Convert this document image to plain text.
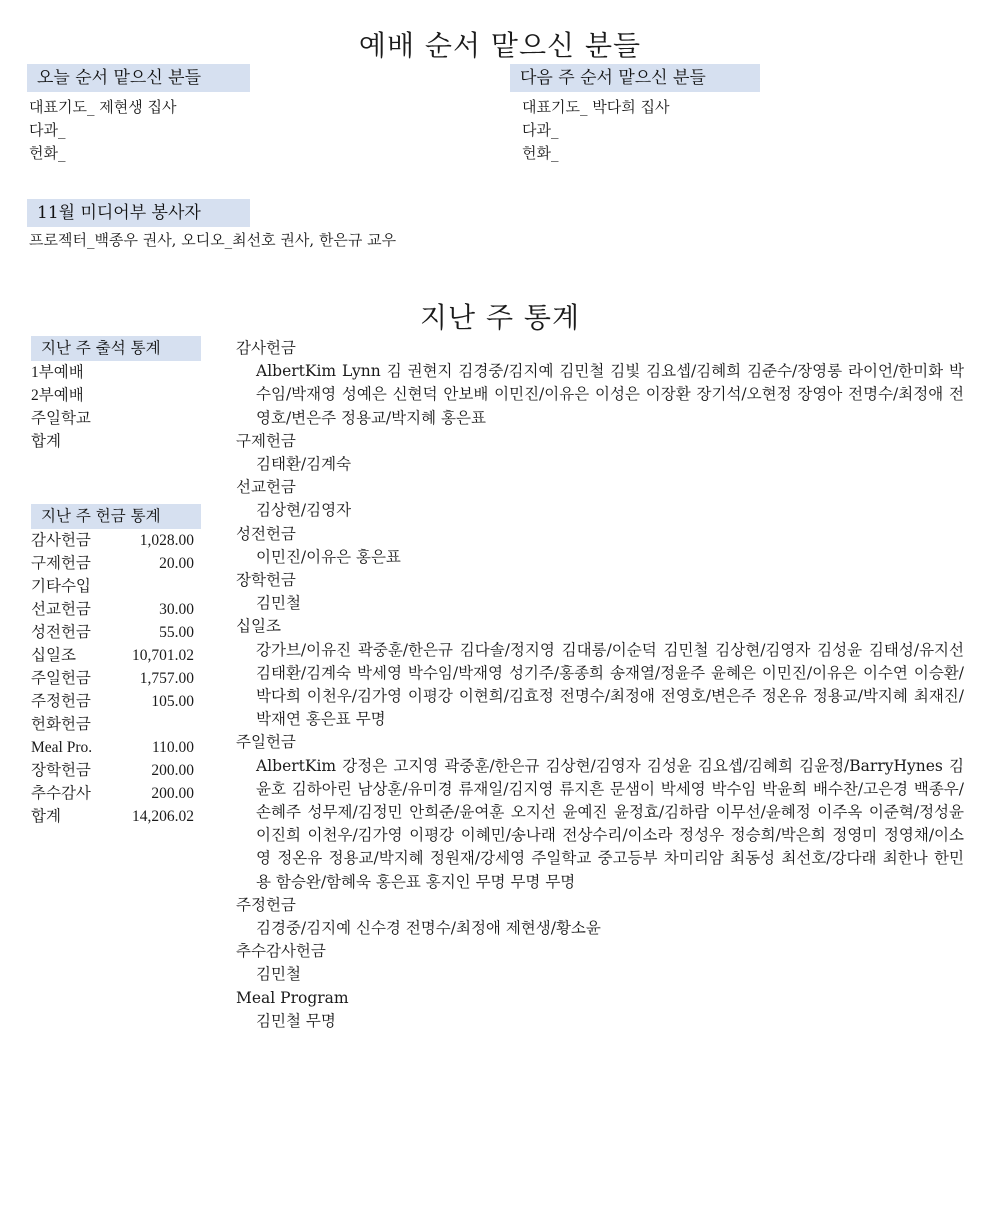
예배 순서 맡으신 분들
오늘 순서 맡으신 분들
대표기도_ 제현생 집사
다과_
헌화_
다음 주 순서 맡으신 분들
대표기도_ 박다희 집사
다과_
헌화_
11월 미디어부 봉사자
프로젝터_백종우 권사, 오디오_최선호 권사, 한은규 교우
지난 주 통계
지난 주 출석 통계
1부예배
2부예배
주일학교
합계
지난 주 헌금 통계
감사헌금	1,028.00
구제헌금	20.00
기타수입	
선교헌금	30.00
성전헌금	55.00
십일조	10,701.02
주일헌금	1,757.00
주정헌금	105.00
헌화헌금	
Meal Pro.	110.00
장학헌금	200.00
추수감사	200.00
합계	14,206.02
감사헌금
AlbertKim Lynn 김 권현지 김경중/김지예 김민철 김빛 김요셉/김혜희 김준수/장영롱 라이언/한미화 박수임/박재영 성예은 신현덕 안보배 이민진/이유은 이성은 이장환 장기석/오현정 장영아 전명수/최정애 전영호/변은주 정용교/박지혜 홍은표
구제헌금
김태환/김계숙
선교헌금
김상현/김영자
성전헌금
이민진/이유은 홍은표
장학헌금
김민철
십일조
강가브/이유진 곽중훈/한은규 김다솔/정지영 김대롱/이순덕 김민철 김상현/김영자 김성윤 김태성/유지선 김태환/김계숙 박세영 박수임/박재영 성기주/홍종희 송재열/정윤주 윤혜은 이민진/이유은 이수연 이승환/박다희 이천우/김가영 이평강 이현희/김효정 전명수/최정애 전영호/변은주 정온유 정용교/박지혜 최재진/박재연 홍은표 무명
주일헌금
AlbertKim 강정은 고지영 곽중훈/한은규 김상현/김영자 김성윤 김요셉/김혜희 김윤정/BarryHynes 김윤호 김하아린 남상훈/유미경 류재일/김지영 류지흔 문샘이 박세영 박수임 박윤희 배수찬/고은경 백종우/손혜주 성무제/김정민 안희준/윤여훈 오지선 윤예진 윤정효/김하람 이무선/윤혜정 이주옥 이준혁/정성윤 이진희 이천우/김가영 이평강 이혜민/송나래 전상수리/이소라 정성우 정승희/박은희 정영미 정영채/이소영 정온유 정용교/박지혜 정원재/강세영 주일학교 중고등부 차미리암 최동성 최선호/강다래 최한나 한민용 함승완/함혜욱 홍은표 홍지인 무명 무명 무명
주정헌금
김경중/김지예 신수경 전명수/최정애 제현생/황소윤
추수감사헌금
김민철
Meal Program
김민철 무명
